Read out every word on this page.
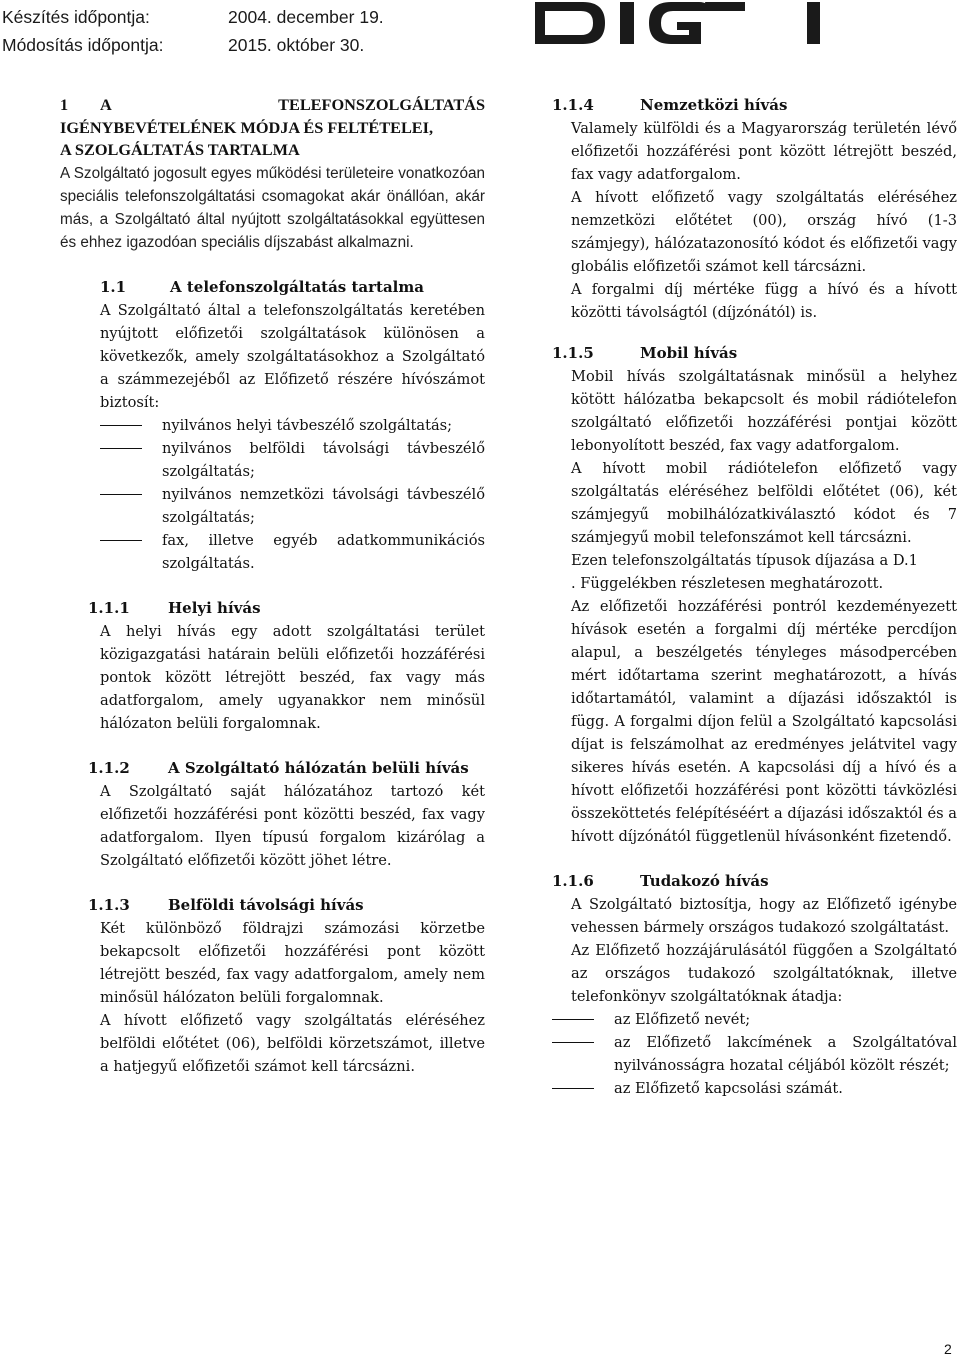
Készítés időpontja:	2004. december 19.
Módosítás időpontja:	2015. október 30.
1	A	TELEFONSZOLGÁLTATÁS
IGÉNYBEVÉTELÉNEK MÓDJA ÉS FELTÉTELEI,
A SZOLGÁLTATÁS TARTALMA

A Szolgáltató jogosult egyes működési területeire vonatkozóan speciális telefonszolgáltatási csomagokat akár önállóan, akár más, a Szolgáltató által nyújtott szolgáltatásokkal együttesen és ehhez igazodóan speciális díjszabást alkalmazni.

1.1	A telefonszolgáltatás tartalma

A Szolgáltató által a telefonszolgáltatás keretében nyújtott előfizetői szolgáltatások különösen a következők, amely szolgáltatásokhoz a Szolgáltató a számmezejéből az Előfizető részére hívószámot biztosít:

nyilvános helyi távbeszélő szolgáltatás;
nyilvános belföldi távolsági távbeszélő szolgáltatás;
nyilvános nemzetközi távolsági távbeszélő szolgáltatás;
fax, illetve egyéb adatkommunikációs szolgáltatás.
1.1.1	Helyi hívás

A helyi hívás egy adott szolgáltatási terület közigazgatási határain belüli előfizetői hozzáférési pontok között létrejött beszéd, fax vagy más adatforgalom, amely ugyanakkor nem minősül hálózaton belüli forgalomnak.

1.1.2	A Szolgáltató hálózatán belüli hívás

A Szolgáltató saját hálózatához tartozó két előfizetői hozzáférési pont közötti beszéd, fax vagy adatforgalom. Ilyen típusú forgalom kizárólag a Szolgáltató előfizetői között jöhet létre.

1.1.3	Belföldi távolsági hívás

Két különböző földrajzi számozási körzetbe bekapcsolt előfizetői hozzáférési pont között létrejött beszéd, fax vagy adatforgalom, amely nem minősül hálózaton belüli forgalomnak.

A hívott előfizető vagy szolgáltatás eléréséhez belföldi előtétet (06), belföldi körzetszámot, illetve a hatjegyű előfizetői számot kell tárcsázni.

1.1.4	Nemzetközi hívás

Valamely külföldi és a Magyarország területén lévő előfizetői hozzáférési pont között létrejött beszéd, fax vagy adatforgalom.

A hívott előfizető vagy szolgáltatás eléréséhez nemzetközi előtétet (00), ország hívó (1-3 számjegy), hálózatazonosító kódot és előfizetői vagy globális előfizetői számot kell tárcsázni.

A forgalmi díj mértéke függ a hívó és a hívott közötti távolságtól (díjzónától) is.

1.1.5	Mobil hívás

Mobil hívás szolgáltatásnak minősül a helyhez kötött hálózatba bekapcsolt és mobil rádiótelefon szolgáltató előfizetői hozzáférési pontjai között lebonyolított beszéd, fax vagy adatforgalom.

A hívott mobil rádiótelefon előfizető vagy szolgáltatás eléréséhez belföldi előtétet (06), két számjegyű mobilhálózatkiválasztó kódot és 7 számjegyű mobil telefonszámot kell tárcsázni.

Ezen telefonszolgáltatás típusok díjazása a D.1

. Függelékben részletesen meghatározott.

Az előfizetői hozzáférési pontról kezdeményezett hívások esetén a forgalmi díj mértéke percdíjon alapul, a beszélgetés tényleges másodpercében mért időtartama szerint meghatározott, a hívás időtartamától, valamint a díjazási időszaktól is függ. A forgalmi díjon felül a Szolgáltató kapcsolási díjat is felszámolhat az eredményes jelátvitel vagy sikeres hívás esetén. A kapcsolási díj a hívó és a hívott előfizetői hozzáférési pont közötti távközlési összeköttetés felépítéséért a díjazási időszaktól és a hívott díjzónától függetlenül hívásonként fizetendő.

1.1.6	Tudakozó hívás

A Szolgáltató biztosítja, hogy az Előfizető igénybe vehessen bármely országos tudakozó szolgáltatást.

Az Előfizető hozzájárulásától függően a Szolgáltató az országos tudakozó szolgáltatóknak, illetve telefonkönyv szolgáltatóknak átadja:

az Előfizető nevét;
az Előfizető lakcímének a Szolgáltatóval nyilvánosságra hozatal céljából közölt részét;
az Előfizető kapcsolási számát.
2
